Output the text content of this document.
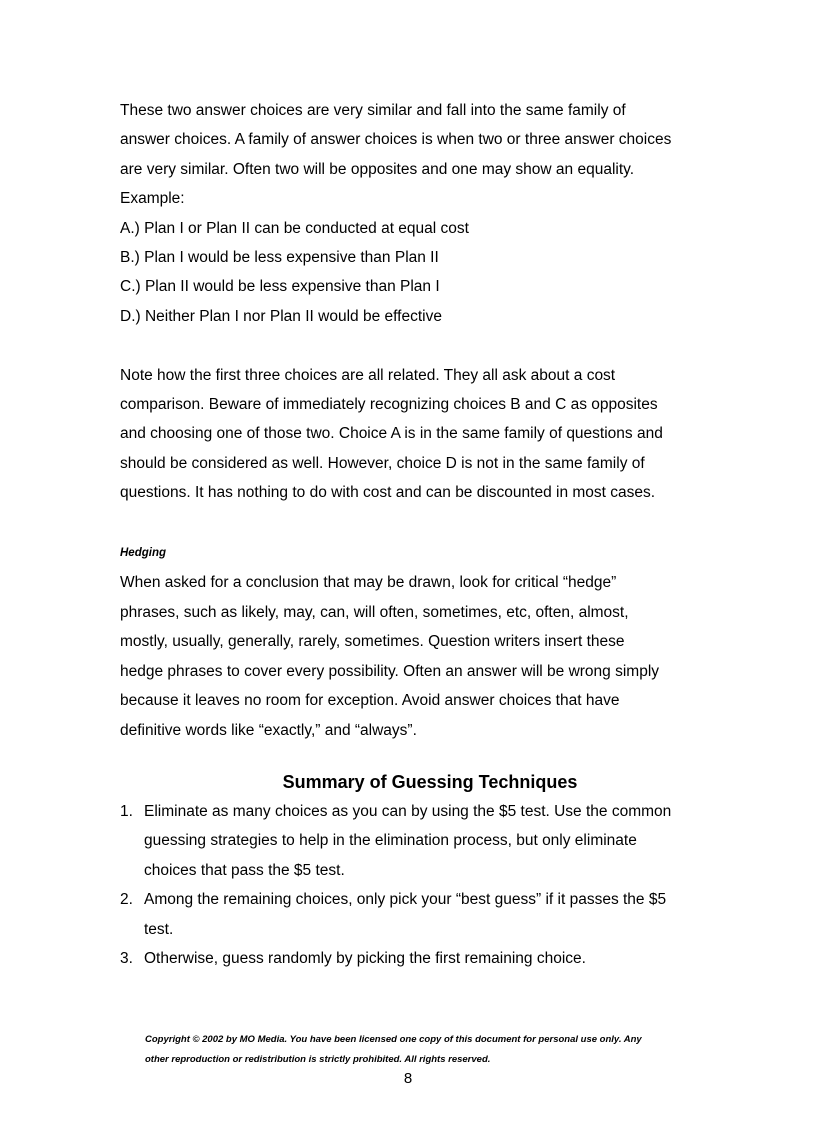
These two answer choices are very similar and fall into the same family of

answer choices. A family of answer choices is when two or three answer choices

are very similar. Often two will be opposites and one may show an equality.

Example:

A.) Plan I or Plan II can be conducted at equal cost

B.) Plan I would be less expensive than Plan II

C.) Plan II would be less expensive than Plan I

D.) Neither Plan I nor Plan II would be effective

Note how the first three choices are all related. They all ask about a cost

comparison. Beware of immediately recognizing choices B and C as opposites

and choosing one of those two. Choice A is in the same family of questions and

should be considered as well. However, choice D is not in the same family of

questions. It has nothing to do with cost and can be discounted in most cases.

Hedging

When asked for a conclusion that may be drawn, look for critical “hedge”

phrases, such as likely, may, can, will often, sometimes, etc, often, almost,

mostly, usually, generally, rarely, sometimes. Question writers insert these

hedge phrases to cover every possibility. Often an answer will be wrong simply

because it leaves no room for exception. Avoid answer choices that have

definitive words like “exactly,” and “always”.

Summary of Guessing Techniques
1. Eliminate as many choices as you can by using the $5 test. Use the common
guessing strategies to help in the elimination process, but only eliminate
choices that pass the $5 test.
2. Among the remaining choices, only pick your “best guess” if it passes the $5
test.
3. Otherwise, guess randomly by picking the first remaining choice.
Copyright © 2002 by MO Media. You have been licensed one copy of this document for personal use only. Any
other reproduction or redistribution is strictly prohibited. All rights reserved.
8
